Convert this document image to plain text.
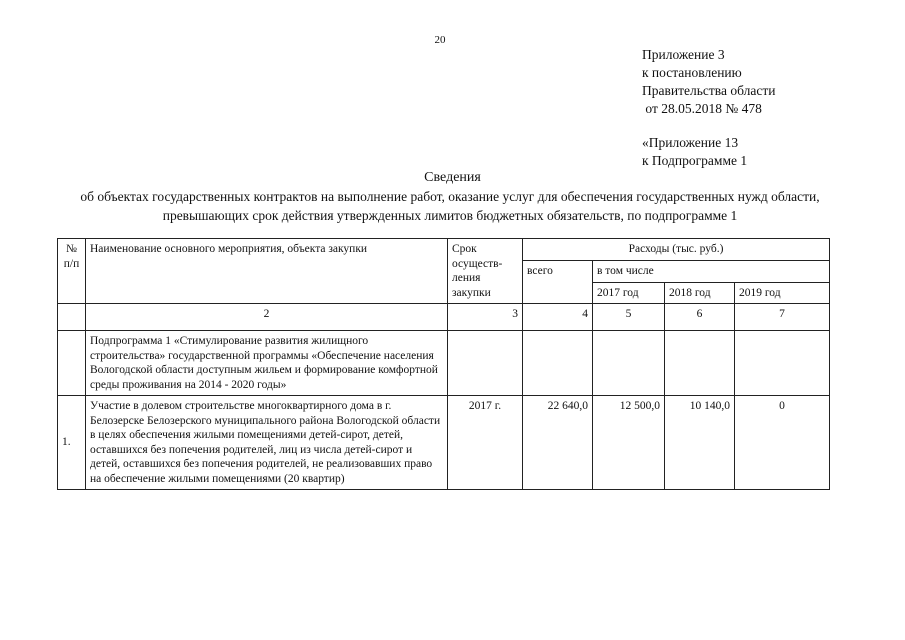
20
Приложение 3
к постановлению
Правительства области
от 28.05.2018 № 478
«Приложение 13
к Подпрограмме 1
Сведения
об объектах государственных контрактов на выполнение работ, оказание услуг для обеспечения государственных нужд области, превышающих срок действия утвержденных лимитов бюджетных обязательств, по подпрограмме 1
№ п/п	Наименование основного мероприятия, объекта закупки	Срок осуществ-ления закупки	Расходы (тыс. руб.)			
			всего	в том числе		
				2017 год	2018 год	2019 год
1	2	3	4	5	6	7
	Подпрограмма 1 «Стимулирование развития жилищного строительства» государственной программы «Обеспечение населения Вологодской области доступным жильем и формирование комфортной среды проживания на 2014 - 2020 годы»					
1.	Участие в долевом строительстве многоквартирного дома в г. Белозерске Белозерского муниципального района Вологодской области в целях обеспечения жилыми помещениями детей-сирот, детей, оставшихся без попечения родителей, лиц из числа детей-сирот и детей, оставшихся без попечения родителей, не реализовавших право на обеспечение жилыми помещениями (20 квартир)	2017 г.	22 640,0	12 500,0	10 140,0	0
